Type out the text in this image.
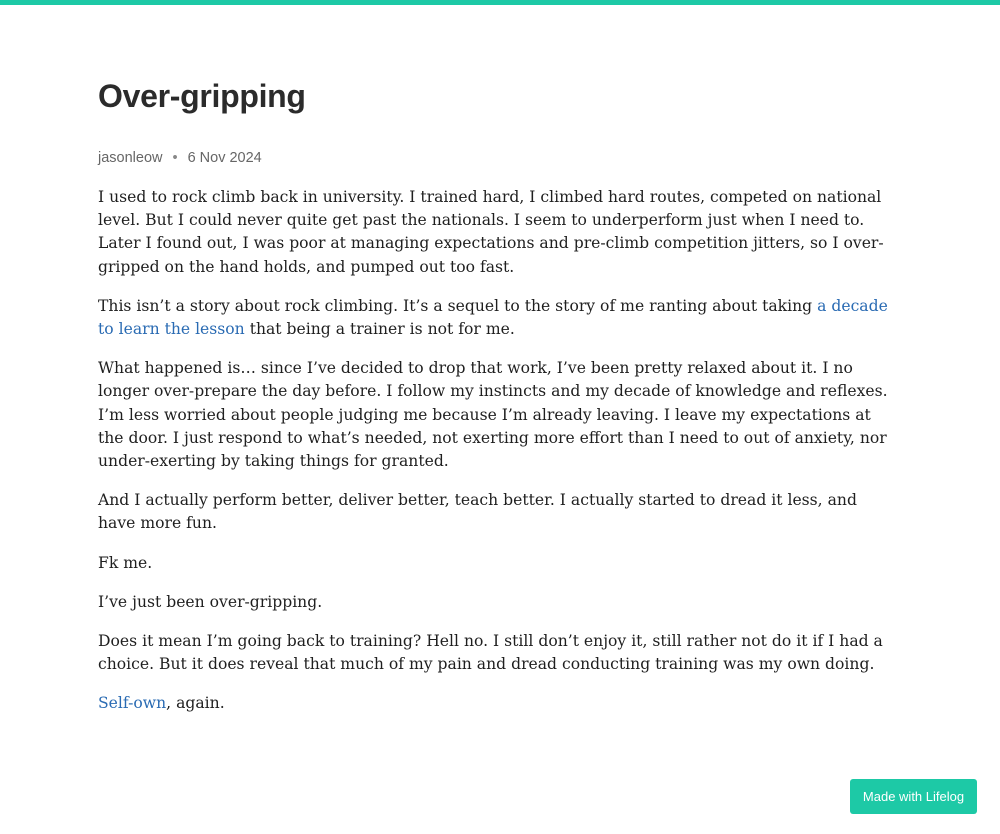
Over-gripping
jasonleow • 6 Nov 2024

I used to rock climb back in university. I trained hard, I climbed hard routes, competed on national level. But I could never quite get past the nationals. I seem to underperform just when I need to. Later I found out, I was poor at managing expectations and pre-climb competition jitters, so I over-gripped on the hand holds, and pumped out too fast.

This isn’t a story about rock climbing. It’s a sequel to the story of me ranting about taking a decade to learn the lesson that being a trainer is not for me.

What happened is… since I’ve decided to drop that work, I’ve been pretty relaxed about it. I no longer over-prepare the day before. I follow my instincts and my decade of knowledge and reflexes. I’m less worried about people judging me because I’m already leaving. I leave my expectations at the door. I just respond to what’s needed, not exerting more effort than I need to out of anxiety, nor under-exerting by taking things for granted.

And I actually perform better, deliver better, teach better. I actually started to dread it less, and have more fun.

Fk me.

I’ve just been over-gripping.

Does it mean I’m going back to training? Hell no. I still don’t enjoy it, still rather not do it if I had a choice. But it does reveal that much of my pain and dread conducting training was my own doing.

Self-own, again.

Made with Lifelog
